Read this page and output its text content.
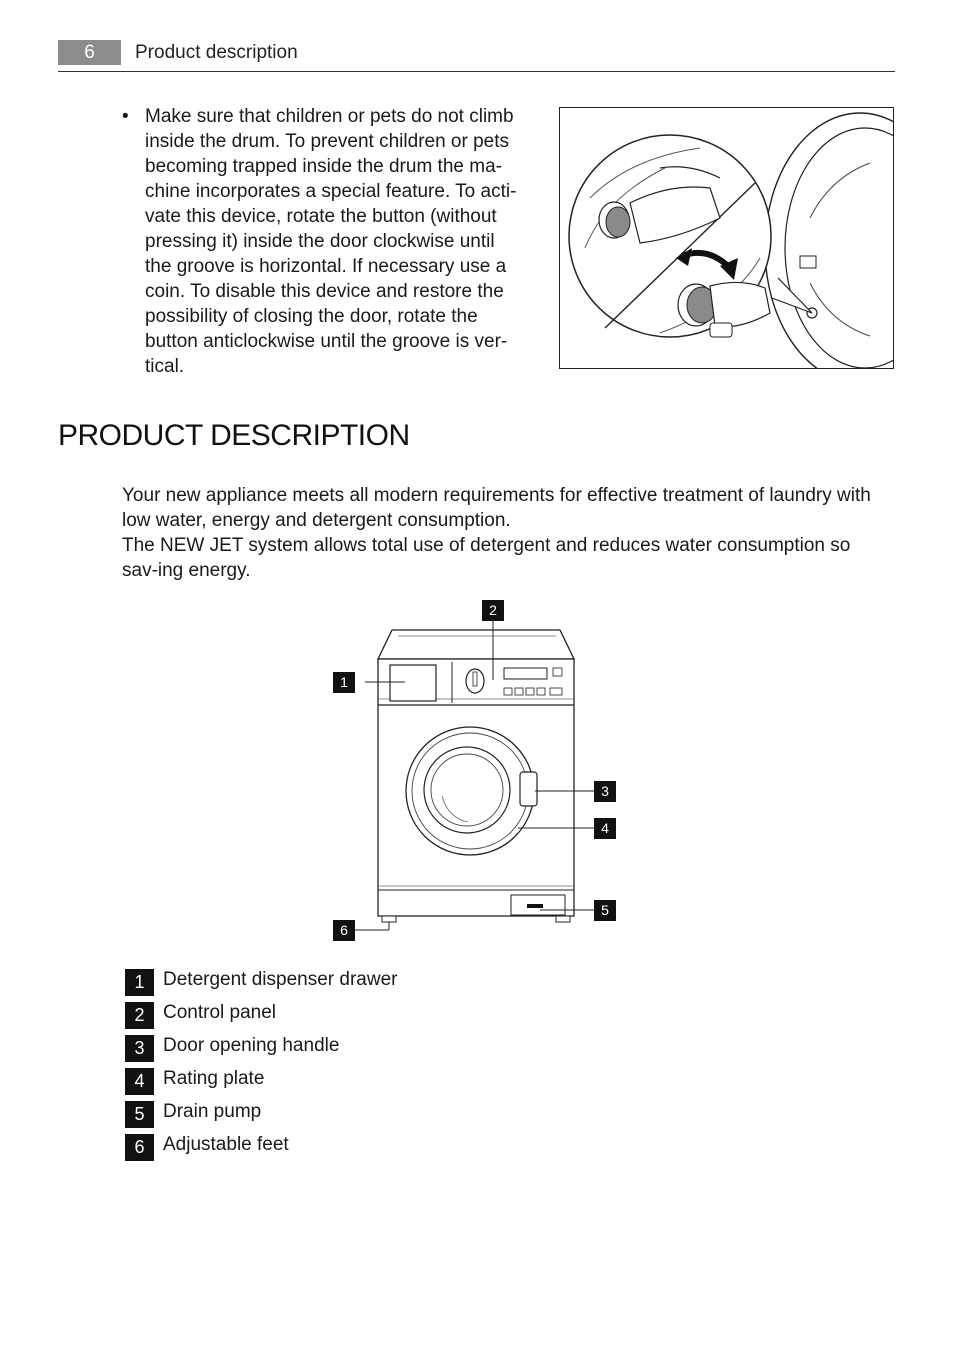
6	Product description
• Make sure that children or pets do not climb inside the drum. To prevent children or pets becoming trapped inside the drum the ma-chine incorporates a special feature. To acti-vate this device, rotate the button (without pressing it) inside the door clockwise until the groove is horizontal. If necessary use a coin. To disable this device and restore the possibility of closing the door, rotate the button anticlockwise until the groove is ver-tical.
PRODUCT DESCRIPTION

Your new appliance meets all modern requirements for effective treatment of laundry with low water, energy and detergent consumption.

The NEW JET system allows total use of detergent and reduces water consumption so sav-ing energy.

1
2
3
4
5
6
1 Detergent dispenser drawer
2 Control panel
3 Door opening handle
4 Rating plate
5 Drain pump
6 Adjustable feet
